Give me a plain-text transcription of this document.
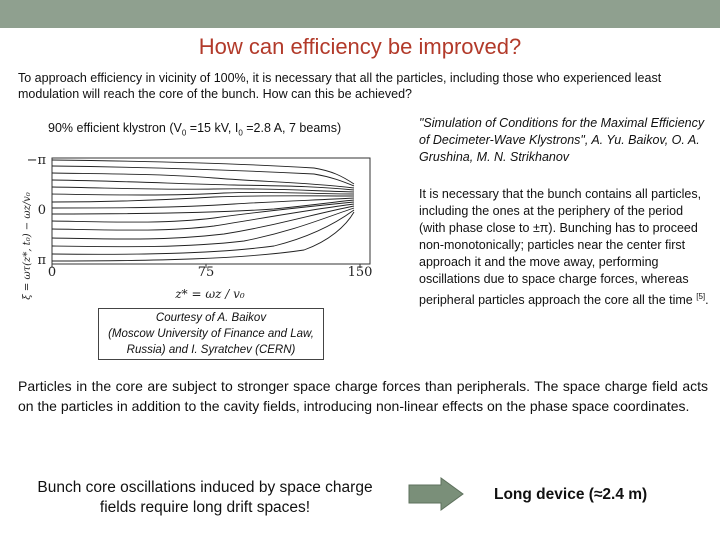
How can efficiency be improved?
To approach efficiency in vicinity of 100%, it is necessary that all the particles, including those who experienced least modulation will reach the core of the bunch. How can this be achieved?
90% efficient klystron ($V_0 =15$ kV, $I_0 =2.8$ A, 7 beams)
ξ = ωτ(z*, t₀) − ωz/v₀
−π
0
π
0	75	150
z* = ωz / v₀
Courtesy of A. Baikov
(Moscow University of Finance and Law,
Russia) and I. Syratchev (CERN)
"Simulation of Conditions for the Maximal Efficiency of Decimeter-Wave Klystrons", A. Yu. Baikov, O. A. Grushina, M. N. Strikhanov
It is necessary that the bunch contains all particles, including the ones at the periphery of the period (with phase close to ±π). Bunching has to proceed non-monotonically; particles near the center first approach it and the move away, performing oscillations due to space charge forces, whereas peripheral particles approach the core all the time [5].
Particles in the core are subject to stronger space charge forces than peripherals. The space charge field acts on the particles in addition to the cavity fields, introducing non-linear effects on the phase space coordinates.
Bunch core oscillations induced by space charge fields require long drift spaces!
Long device (≈2.4 m)
